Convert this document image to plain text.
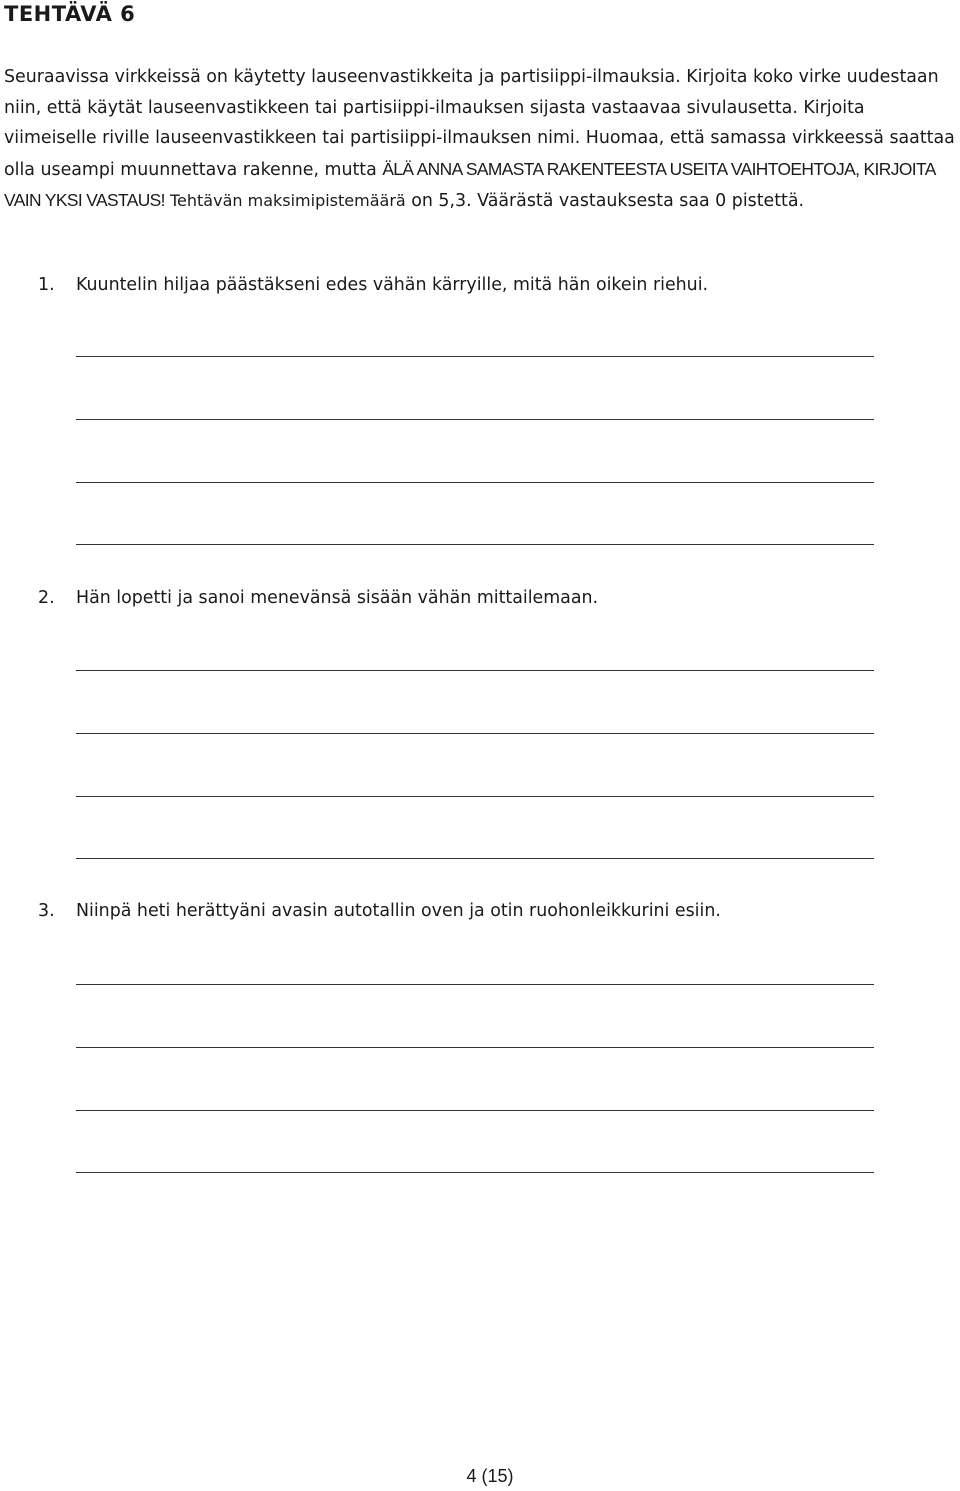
TEHTÄVÄ 6

Seuraavissa virkkeissä on käytetty lauseenvastikkeita ja partisiippi-ilmauksia. Kirjoita koko virke uudestaan niin, että käytät lauseenvastikkeen tai partisiippi-ilmauksen sijasta vastaavaa sivulausetta. Kirjoita viimeiselle riville lauseenvastikkeen tai partisiippi-ilmauksen nimi. Huomaa, että samassa virkkeessä saattaa olla useampi muunnettava rakenne, mutta ÄLÄ ANNA SAMASTA RAKENTEESTA USEITA VAIHTOEHTOJA, KIRJOITA VAIN YKSI VASTAUS! Tehtävän maksimipistemäärä on 5,3. Väärästä vastauksesta saa 0 pistettä.

1. Kuuntelin hiljaa päästäkseni edes vähän kärryille, mitä hän oikein riehui.
2. Hän lopetti ja sanoi menevänsä sisään vähän mittailemaan.
3. Niinpä heti herättyäni avasin autotallin oven ja otin ruohonleikkurini esiin.
4 (15)
